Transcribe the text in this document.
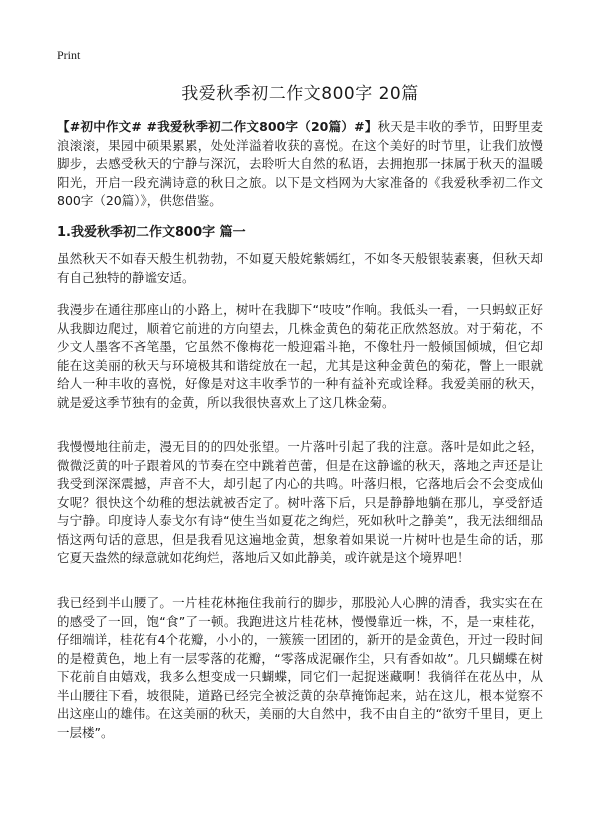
Print
我爱秋季初二作文800字 20篇
【#初中作文# #我爱秋季初二作文800字（20篇）#】秋天是丰收的季节，田野里麦浪滚滚，果园中硕果累累，处处洋溢着收获的喜悦。在这个美好的时节里，让我们放慢脚步，去感受秋天的宁静与深沉，去聆听大自然的私语，去拥抱那一抹属于秋天的温暖阳光，开启一段充满诗意的秋日之旅。以下是文档网为大家准备的《我爱秋季初二作文800字（20篇）》，供您借鉴。
1.我爱秋季初二作文800字 篇一

虽然秋天不如春天般生机勃勃，不如夏天般姹紫嫣红，不如冬天般银装素裹，但秋天却有自己独特的静谧安适。

我漫步在通往那座山的小路上，树叶在我脚下“吱吱”作响。我低头一看，一只蚂蚁正好从我脚边爬过，顺着它前进的方向望去，几株金黄色的菊花正欣然怒放。对于菊花，不少文人墨客不吝笔墨，它虽然不像梅花一般迎霜斗艳，不像牡丹一般倾国倾城，但它却能在这美丽的秋天与环境极其和谐绽放在一起，尤其是这种金黄色的菊花，瞥上一眼就给人一种丰收的喜悦，好像是对这丰收季节的一种有益补充或诠释。我爱美丽的秋天，就是爱这季节独有的金黄，所以我很快喜欢上了这几株金菊。

我慢慢地往前走，漫无目的的四处张望。一片落叶引起了我的注意。落叶是如此之轻，微微泛黄的叶子跟着风的节奏在空中跳着芭蕾，但是在这静谧的秋天，落地之声还是让我受到深深震撼，声音不大，却引起了内心的共鸣。叶落归根，它落地后会不会变成仙女呢？很快这个幼稚的想法就被否定了。树叶落下后，只是静静地躺在那儿，享受舒适与宁静。印度诗人泰戈尔有诗“使生当如夏花之绚烂，死如秋叶之静美”，我无法细细品悟这两句话的意思，但是我看见这遍地金黄，想象着如果说一片树叶也是生命的话，那它夏天盎然的绿意就如花绚烂，落地后又如此静美，或许就是这个境界吧！

我已经到半山腰了。一片桂花林拖住我前行的脚步，那股沁人心脾的清香，我实实在在的感受了一回，饱“食”了一顿。我跑进这片桂花林，慢慢靠近一株，不，是一束桂花，仔细端详，桂花有4个花瓣，小小的，一簇簇一团团的，新开的是金黄色，开过一段时间的是橙黄色，地上有一层零落的花瓣，“零落成泥碾作尘，只有香如故”。几只蝴蝶在树下花前自由嬉戏，我多么想变成一只蝴蝶，同它们一起捉迷藏啊！我徜徉在花丛中，从半山腰往下看，坡很陡，道路已经完全被泛黄的杂草掩饰起来，站在这儿，根本觉察不出这座山的雄伟。在这美丽的秋天，美丽的大自然中，我不由自主的“欲穷千里目，更上一层楼”。
